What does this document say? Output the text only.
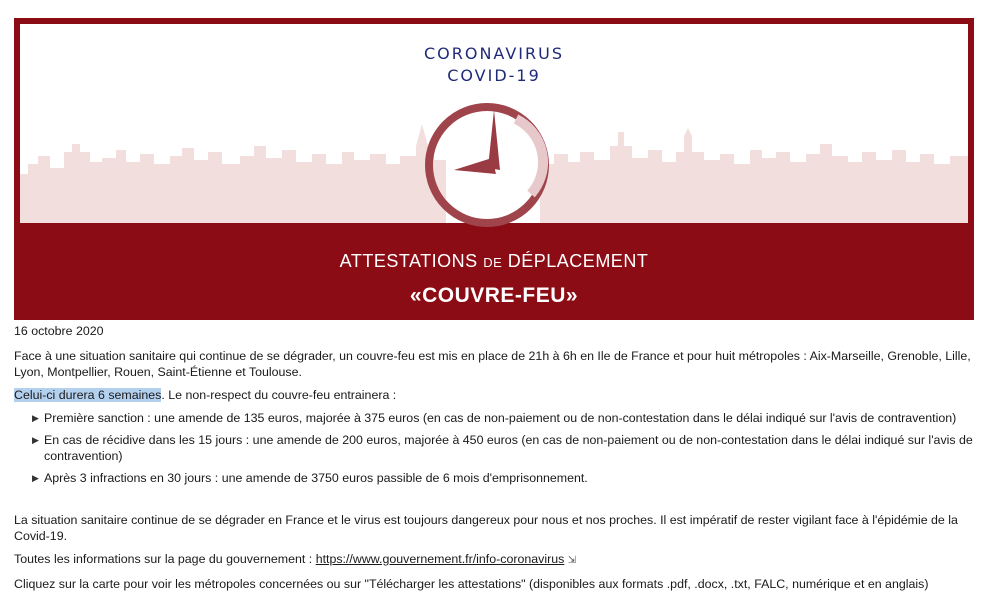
CORONAVIRUS
COVID-19
ATTESTATIONS DE DÉPLACEMENT
«COUVRE-FEU»

16 octobre 2020

Face à une situation sanitaire qui continue de se dégrader, un couvre-feu est mis en place de 21h à 6h en Ile de France et pour huit métropoles : Aix-Marseille, Grenoble, Lille, Lyon, Montpellier, Rouen, Saint-Étienne et Toulouse.

Celui-ci durera 6 semaines. Le non-respect du couvre-feu entrainera :

▶ Première sanction : une amende de 135 euros, majorée à 375 euros (en cas de non-paiement ou de non-contestation dans le délai indiqué sur l'avis de contravention)
▶ En cas de récidive dans les 15 jours : une amende de 200 euros, majorée à 450 euros (en cas de non-paiement ou de non-contestation dans le délai indiqué sur l'avis de contravention)
▶ Après 3 infractions en 30 jours : une amende de 3750 euros passible de 6 mois d'emprisonnement.

La situation sanitaire continue de se dégrader en France et le virus est toujours dangereux pour nous et nos proches. Il est impératif de rester vigilant face à l'épidémie de la Covid-19.

Toutes les informations sur la page du gouvernement : https://www.gouvernement.fr/info-coronavirus ⇲

Cliquez sur la carte pour voir les métropoles concernées ou sur "Télécharger les attestations" (disponibles aux formats .pdf, .docx, .txt, FALC, numérique et en anglais)
